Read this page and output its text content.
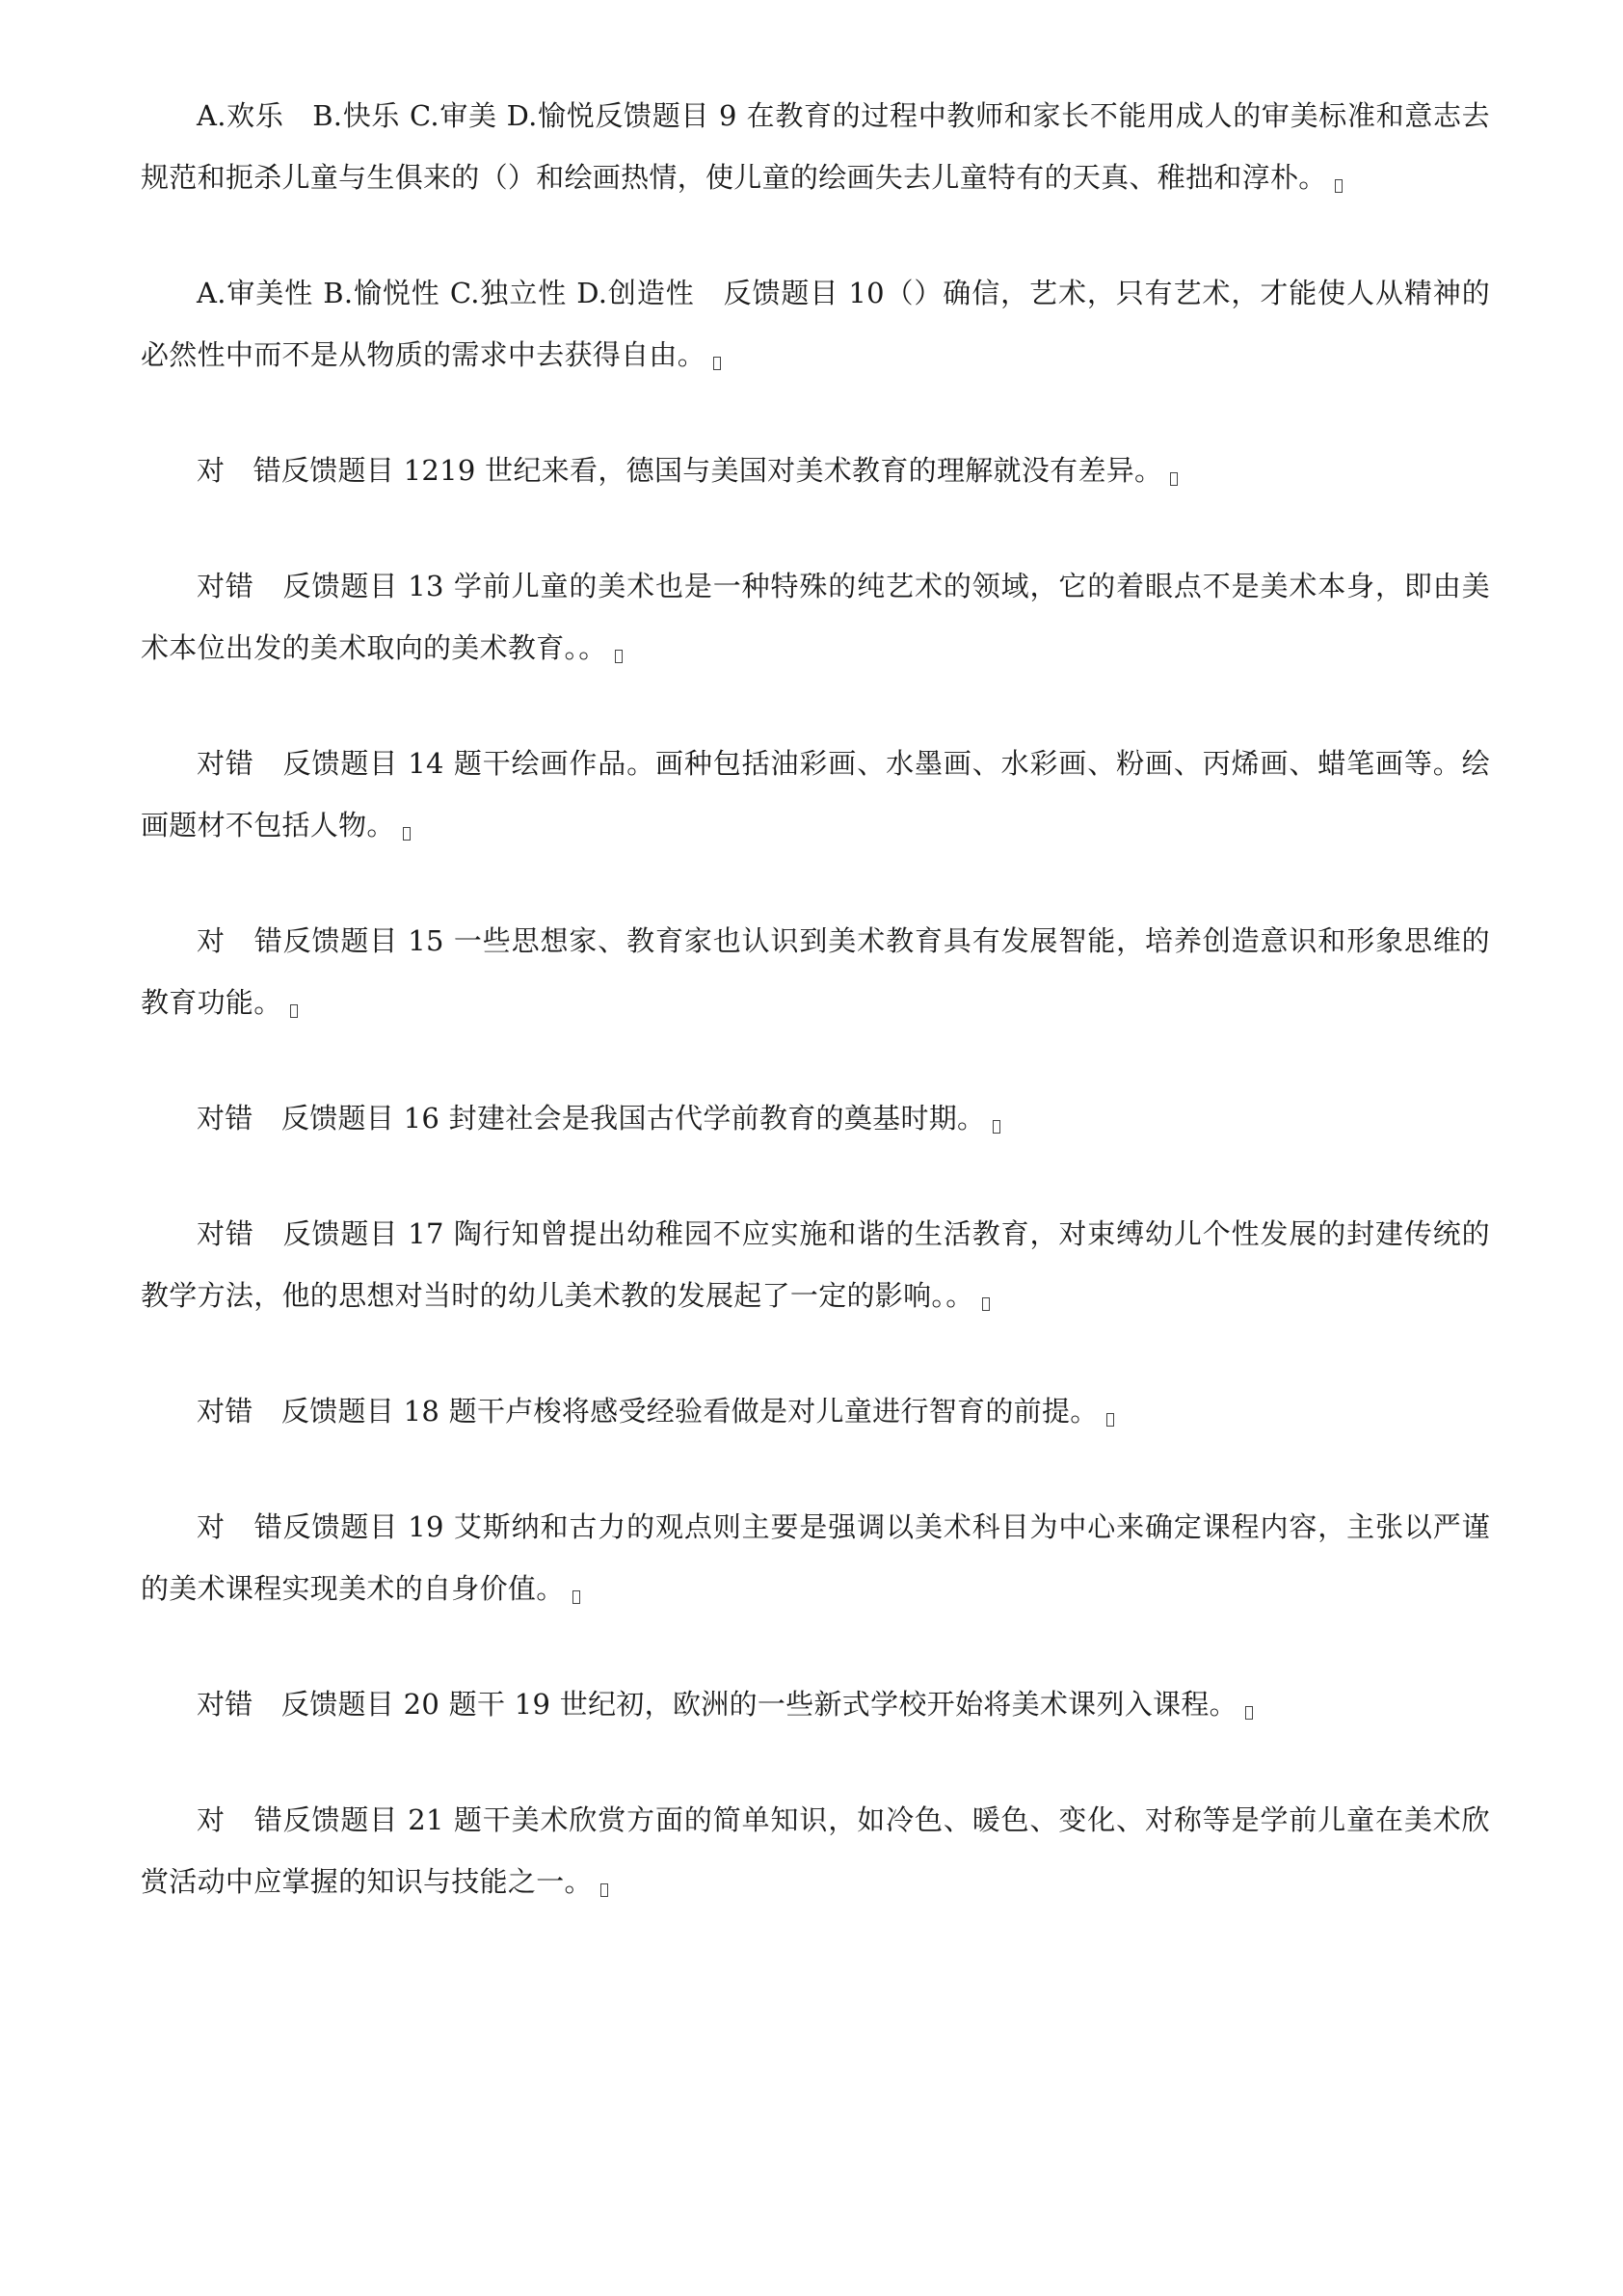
A.欢乐　B.快乐 C.审美 D.愉悦反馈题目 9 在教育的过程中教师和家长不能用成人的审美标准和意志去规范和扼杀儿童与生俱来的（）和绘画热情，使儿童的绘画失去儿童特有的天真、稚拙和淳朴。

A.审美性 B.愉悦性 C.独立性 D.创造性　反馈题目 10（）确信，艺术，只有艺术，才能使人从精神的必然性中而不是从物质的需求中去获得自由。

对　错反馈题目 1219 世纪来看，德国与美国对美术教育的理解就没有差异。

对错　反馈题目 13 学前儿童的美术也是一种特殊的纯艺术的领域，它的着眼点不是美术本身，即由美术本位出发的美术取向的美术教育。。

对错　反馈题目 14 题干绘画作品。画种包括油彩画、水墨画、水彩画、粉画、丙烯画、蜡笔画等。绘画题材不包括人物。

对　错反馈题目 15 一些思想家、教育家也认识到美术教育具有发展智能，培养创造意识和形象思维的教育功能。

对错　反馈题目 16 封建社会是我国古代学前教育的奠基时期。

对错　反馈题目 17 陶行知曾提出幼稚园不应实施和谐的生活教育，对束缚幼儿个性发展的封建传统的教学方法，他的思想对当时的幼儿美术教的发展起了一定的影响。。

对错　反馈题目 18 题干卢梭将感受经验看做是对儿童进行智育的前提。

对　错反馈题目 19 艾斯纳和古力的观点则主要是强调以美术科目为中心来确定课程内容，主张以严谨的美术课程实现美术的自身价值。

对错　反馈题目 20 题干 19 世纪初，欧洲的一些新式学校开始将美术课列入课程。

对　错反馈题目 21 题干美术欣赏方面的简单知识，如冷色、暖色、变化、对称等是学前儿童在美术欣赏活动中应掌握的知识与技能之一。
